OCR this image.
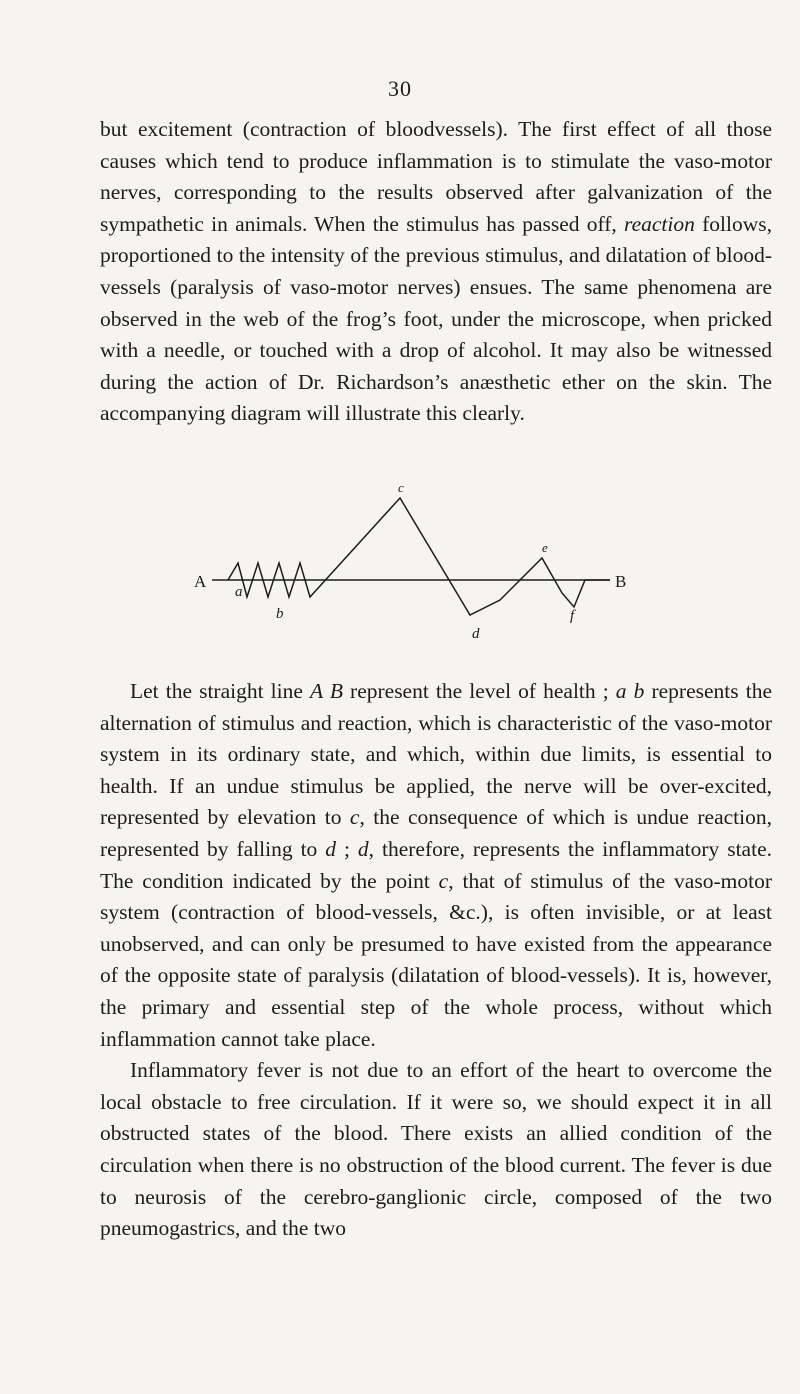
30

but excitement (contraction of bloodvessels). The first effect of all those causes which tend to produce inflammation is to stimulate the vaso-motor nerves, corresponding to the results observed after galvanization of the sympathetic in animals. When the stimulus has passed off, reaction follows, proportioned to the intensity of the previous stimulus, and dilatation of blood-vessels (paralysis of vaso-motor nerves) ensues. The same phenomena are observed in the web of the frog’s foot, under the microscope, when pricked with a needle, or touched with a drop of alcohol. It may also be witnessed during the action of Dr. Richardson’s anæsthetic ether on the skin. The accompanying diagram will illustrate this clearly.

A	B
a
b
c
d
e
f

Let the straight line A B represent the level of health ; a b represents the alternation of stimulus and reaction, which is characteristic of the vaso-motor system in its ordinary state, and which, within due limits, is essential to health. If an undue stimulus be applied, the nerve will be over-excited, represented by elevation to c, the consequence of which is undue reaction, represented by falling to d ; d, therefore, represents the inflammatory state. The condition indicated by the point c, that of stimulus of the vaso-motor system (contraction of blood-vessels, &c.), is often invisible, or at least unobserved, and can only be presumed to have existed from the appearance of the opposite state of paralysis (dilatation of blood-vessels). It is, however, the primary and essential step of the whole process, without which inflammation cannot take place.

Inflammatory fever is not due to an effort of the heart to overcome the local obstacle to free circulation. If it were so, we should expect it in all obstructed states of the blood. There exists an allied condition of the circulation when there is no obstruction of the blood current. The fever is due to neurosis of the cerebro-ganglionic circle, composed of the two pneumogastrics, and the two
